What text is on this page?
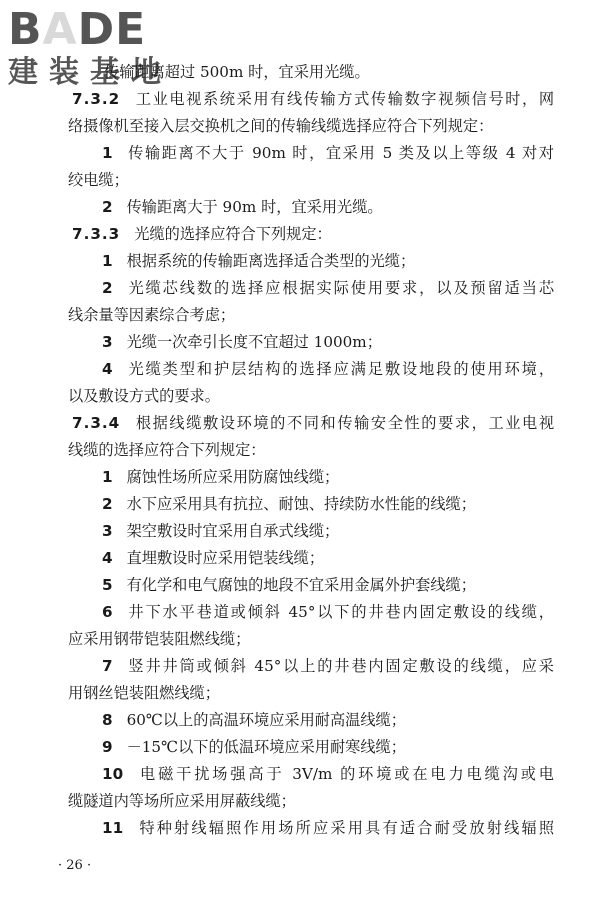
BADE
建装基地
传输距离超过 500m 时，宜采用光缆。
7.3.2 工业电视系统采用有线传输方式传输数字视频信号时，网
络摄像机至接入层交换机之间的传输线缆选择应符合下列规定：
1 传输距离不大于 90m 时，宜采用 5 类及以上等级 4 对对
绞电缆；
2 传输距离大于 90m 时，宜采用光缆。
7.3.3 光缆的选择应符合下列规定：
1 根据系统的传输距离选择适合类型的光缆；
2 光缆芯线数的选择应根据实际使用要求，以及预留适当芯
线余量等因素综合考虑；
3 光缆一次牵引长度不宜超过 1000m；
4 光缆类型和护层结构的选择应满足敷设地段的使用环境，
以及敷设方式的要求。
7.3.4 根据线缆敷设环境的不同和传输安全性的要求，工业电视
线缆的选择应符合下列规定：
1 腐蚀性场所应采用防腐蚀线缆；
2 水下应采用具有抗拉、耐蚀、持续防水性能的线缆；
3 架空敷设时宜采用自承式线缆；
4 直埋敷设时应采用铠装线缆；
5 有化学和电气腐蚀的地段不宜采用金属外护套线缆；
6 井下水平巷道或倾斜 45°以下的井巷内固定敷设的线缆，
应采用钢带铠装阻燃线缆；
7 竖井井筒或倾斜 45°以上的井巷内固定敷设的线缆，应采
用钢丝铠装阻燃线缆；
8 60℃以上的高温环境应采用耐高温线缆；
9 －15℃以下的低温环境应采用耐寒线缆；
10 电磁干扰场强高于 3V/m 的环境或在电力电缆沟或电
缆隧道内等场所应采用屏蔽线缆；
11 特种射线辐照作用场所应采用具有适合耐受放射线辐照
· 26 ·
